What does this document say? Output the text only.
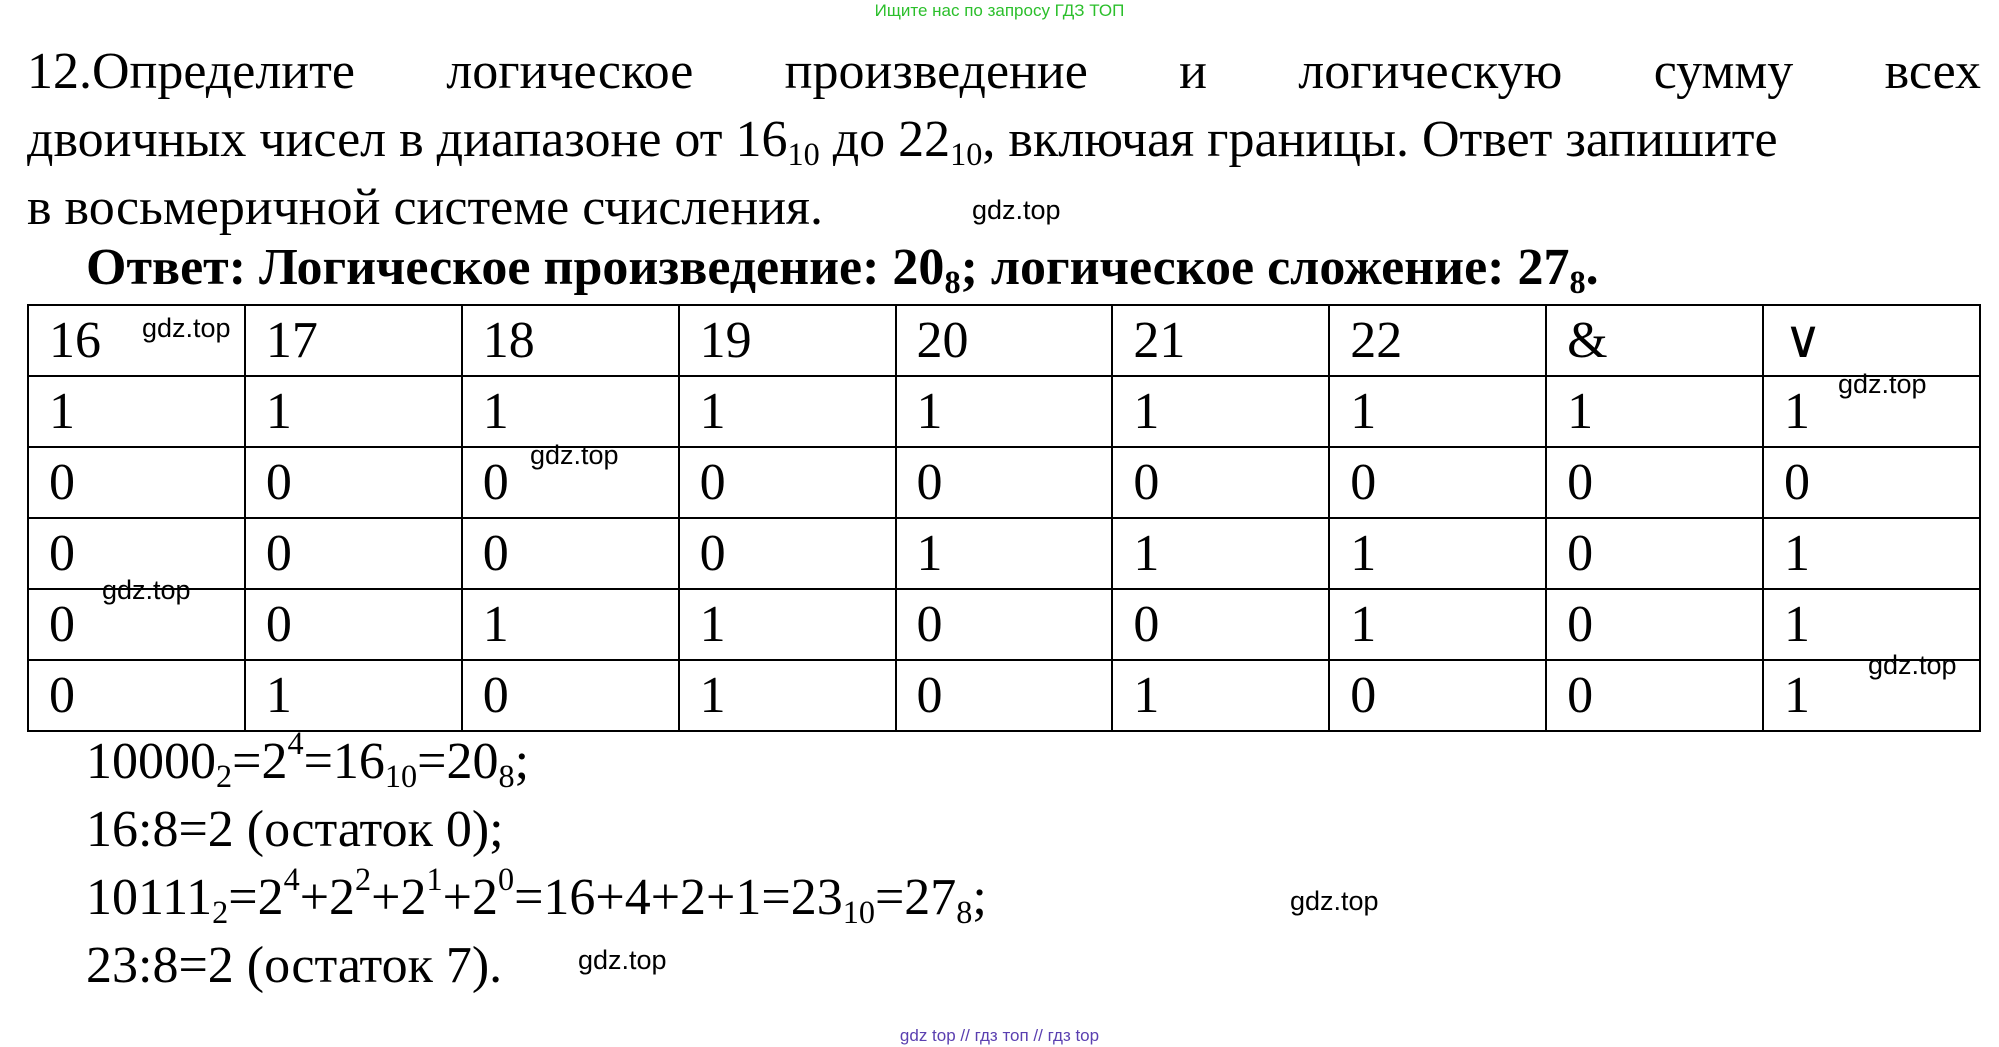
Ищите нас по запросу ГДЗ ТОП
12.Определите логическое произведение и логическую сумму всех
двоичных чисел в диапазоне от $16_{10}$ до $22_{10}$, включая границы. Ответ запишите
в восьмеричной системе счисления.
Ответ: Логическое произведение: $20_8$; логическое сложение: $27_8$.
16	17	18	19	20	21	22	&	∨
1	1	1	1	1	1	1	1	1
0	0	0	0	0	0	0	0	0
0	0	0	0	1	1	1	0	1
0	0	1	1	0	0	1	0	1
0	1	0	1	0	1	0	0	1
$10000_2=2^4=16_{10}=20_8$;
16:8=2 (остаток 0);
$10111_2=2^4+2^2+2^1+2^0=16+4+2+1=23_{10}=27_8$;
23:8=2 (остаток 7).
gdz.top
gdz.top
gdz.top
gdz.top
gdz.top
gdz.top
gdz.top
gdz.top
gdz top // гдз топ // гдз top
